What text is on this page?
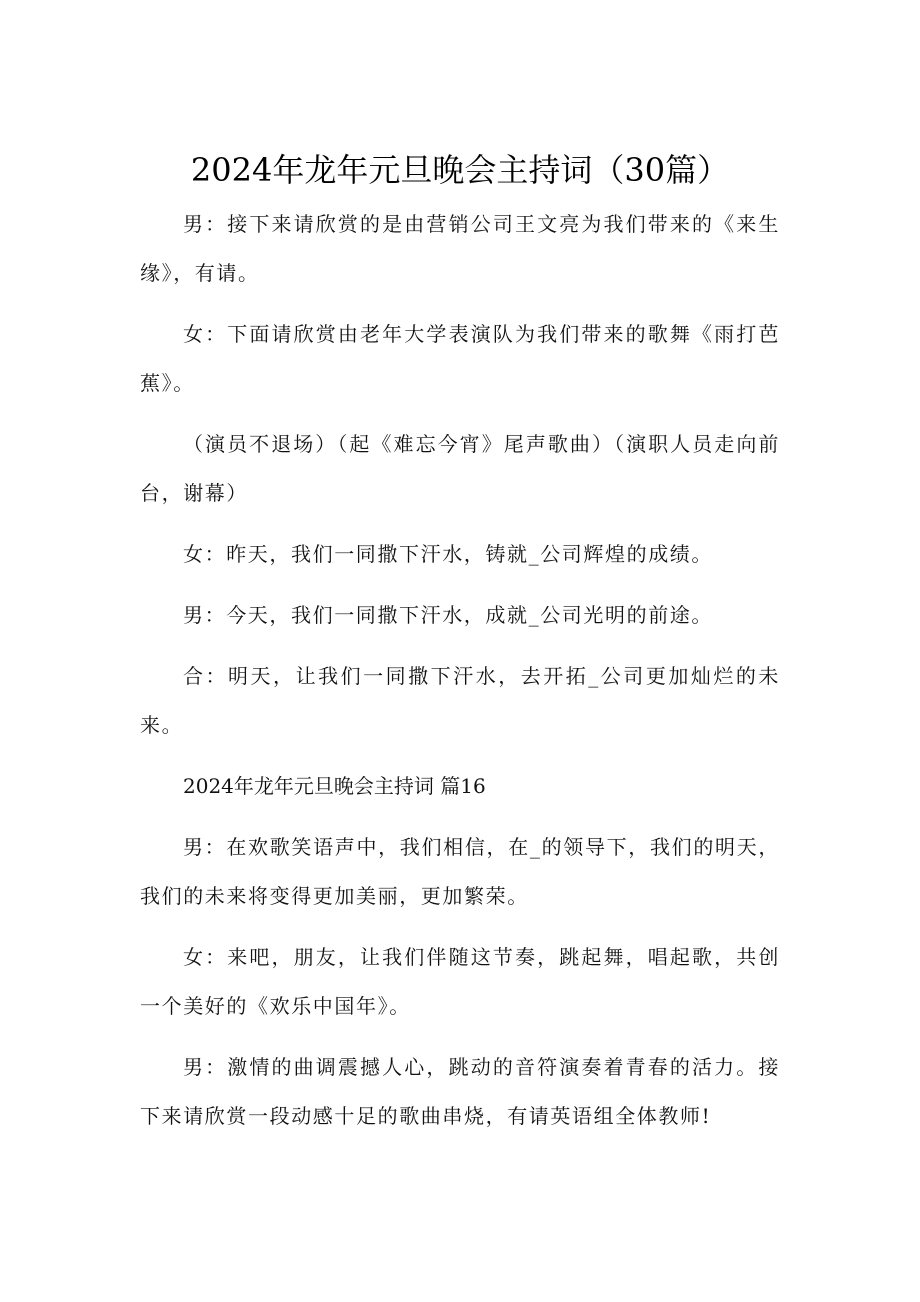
2024年龙年元旦晚会主持词（30篇）

男：接下来请欣赏的是由营销公司王文亮为我们带来的《来生缘》，有请。

女：下面请欣赏由老年大学表演队为我们带来的歌舞《雨打芭蕉》。

（演员不退场）（起《难忘今宵》尾声歌曲）（演职人员走向前台，谢幕）

女：昨天，我们一同撒下汗水，铸就_公司辉煌的成绩。

男：今天，我们一同撒下汗水，成就_公司光明的前途。

合：明天，让我们一同撒下汗水，去开拓_公司更加灿烂的未来。

2024年龙年元旦晚会主持词 篇16

男：在欢歌笑语声中，我们相信，在_的领导下，我们的明天，我们的未来将变得更加美丽，更加繁荣。

女：来吧，朋友，让我们伴随这节奏，跳起舞，唱起歌，共创一个美好的《欢乐中国年》。

男：激情的曲调震撼人心，跳动的音符演奏着青春的活力。接下来请欣赏一段动感十足的歌曲串烧，有请英语组全体教师!
